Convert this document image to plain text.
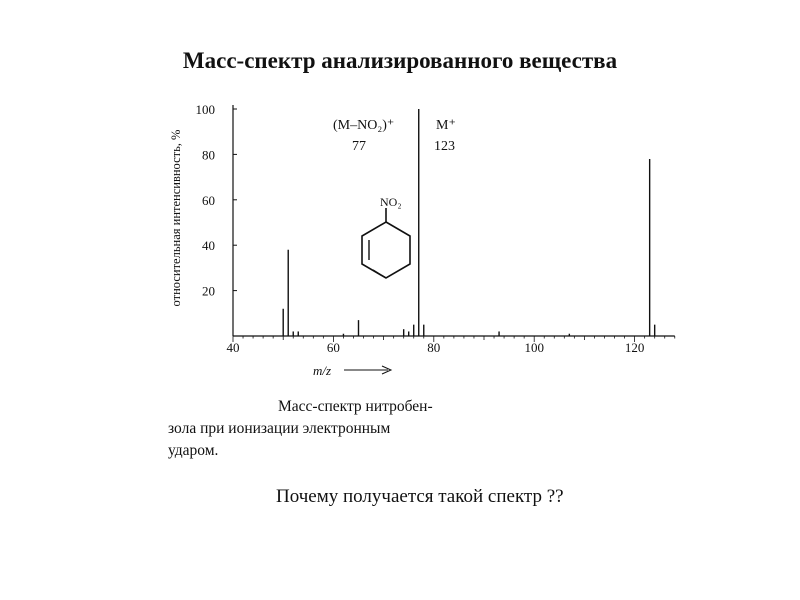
Масс-спектр анализированного вещества
20
40
60
80
100
40	60	80	100	120
относительная интенсивность, %
m/z
(M–NO₂)⁺
77
M⁺
123
NO₂
Масс-спектр нитробен-
зола при ионизации электронным
ударом.
Почему получается такой спектр ??
